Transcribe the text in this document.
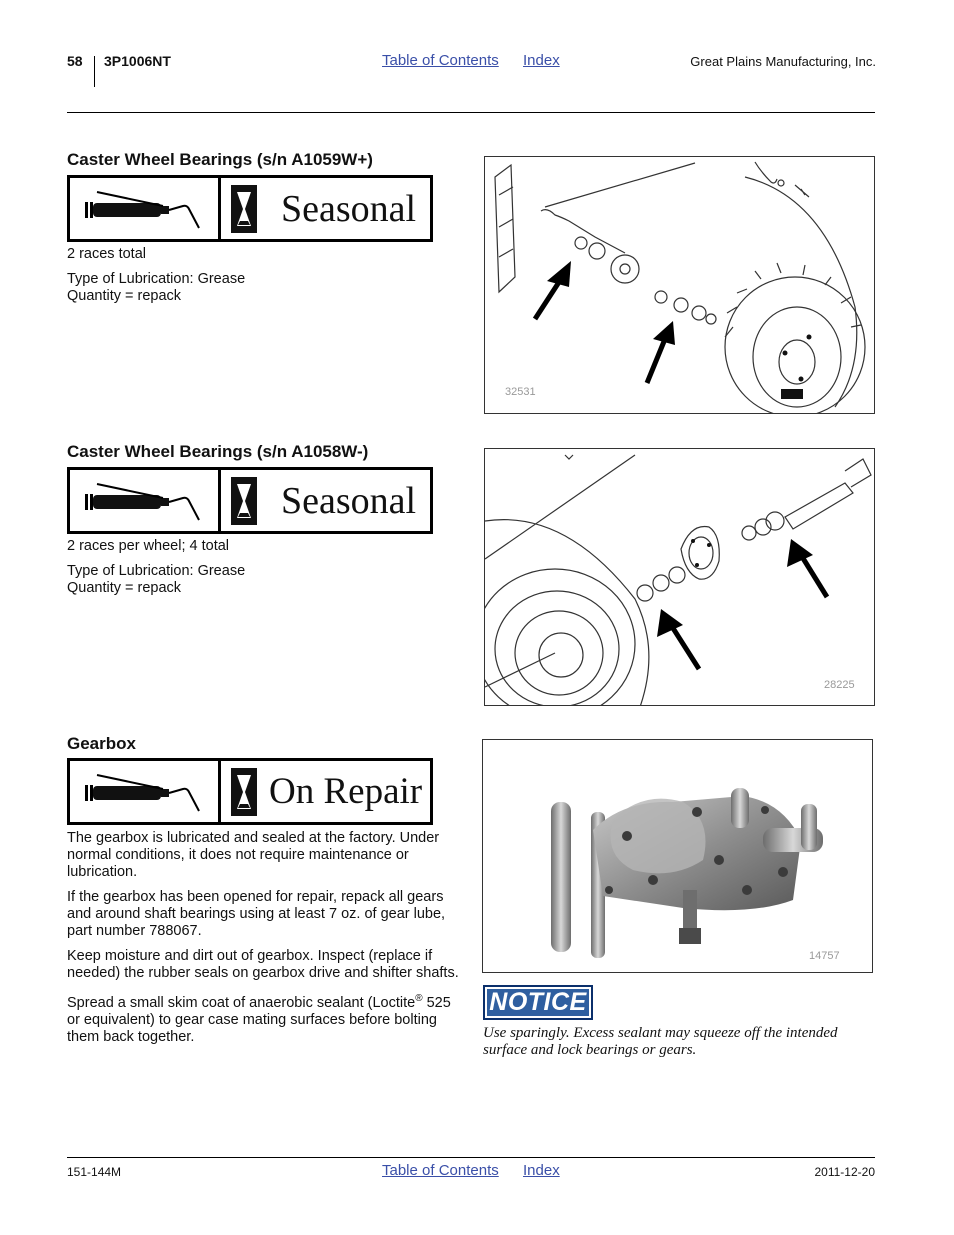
58 3P1006NT	Table of Contents Index	Great Plains Manufacturing, Inc.
Caster Wheel Bearings (s/n A1059W+)
Seasonal

2 races total

Type of Lubrication: Grease

Quantity = repack

32531
Caster Wheel Bearings (s/n A1058W-)
Seasonal

2 races per wheel; 4 total

Type of Lubrication: Grease

Quantity = repack

28225
Gearbox
On Repair

The gearbox is lubricated and sealed at the factory. Under normal conditions, it does not require maintenance or lubrication.

If the gearbox has been opened for repair, repack all gears and around shaft bearings using at least 7 oz. of gear lube, part number 788067.

Keep moisture and dirt out of gearbox. Inspect (replace if needed) the rubber seals on gearbox drive and shifter shafts.

Spread a small skim coat of anaerobic sealant (Loctite® 525 or equivalent) to gear case mating surfaces before bolting them back together.

14757
NOTICE
Use sparingly. Excess sealant may squeeze off the intended surface and lock bearings or gears.
151-144M	Table of Contents Index	2011-12-20
